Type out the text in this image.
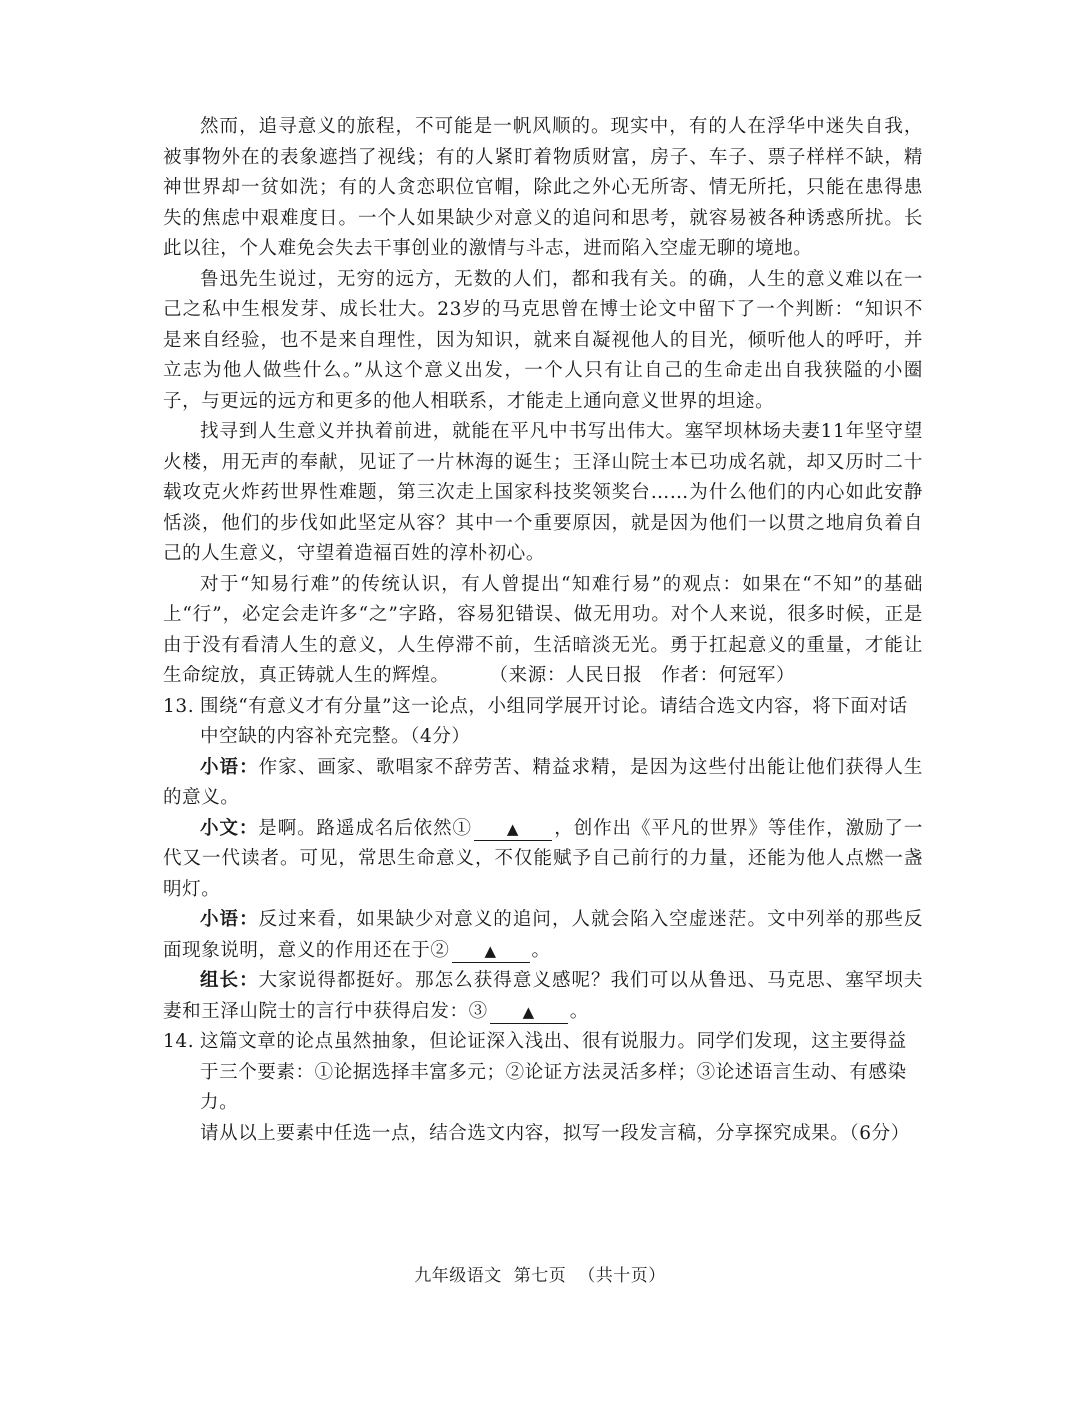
然而，追寻意义的旅程，不可能是一帆风顺的。现实中，有的人在浮华中迷失自我，被事物外在的表象遮挡了视线；有的人紧盯着物质财富，房子、车子、票子样样不缺，精神世界却一贫如洗；有的人贪恋职位官帽，除此之外心无所寄、情无所托，只能在患得患失的焦虑中艰难度日。一个人如果缺少对意义的追问和思考，就容易被各种诱惑所扰。长此以往，个人难免会失去干事创业的激情与斗志，进而陷入空虚无聊的境地。

鲁迅先生说过，无穷的远方，无数的人们，都和我有关。的确，人生的意义难以在一己之私中生根发芽、成长壮大。23岁的马克思曾在博士论文中留下了一个判断：“知识不是来自经验，也不是来自理性，因为知识，就来自凝视他人的目光，倾听他人的呼吁，并立志为他人做些什么。”从这个意义出发，一个人只有让自己的生命走出自我狭隘的小圈子，与更远的远方和更多的他人相联系，才能走上通向意义世界的坦途。

找寻到人生意义并执着前进，就能在平凡中书写出伟大。塞罕坝林场夫妻11年坚守望火楼，用无声的奉献，见证了一片林海的诞生；王泽山院士本已功成名就，却又历时二十载攻克火炸药世界性难题，第三次走上国家科技奖领奖台……为什么他们的内心如此安静恬淡，他们的步伐如此坚定从容？其中一个重要原因，就是因为他们一以贯之地肩负着自己的人生意义，守望着造福百姓的淳朴初心。

对于“知易行难”的传统认识，有人曾提出“知难行易”的观点：如果在“不知”的基础上“行”，必定会走许多“之”字路，容易犯错误、做无用功。对个人来说，很多时候，正是由于没有看清人生的意义，人生停滞不前，生活暗淡无光。勇于扛起意义的重量，才能让生命绽放，真正铸就人生的辉煌。 （来源：人民日报　作者：何冠军）

13. 围绕“有意义才有分量”这一论点，小组同学展开讨论。请结合选文内容，将下面对话中空缺的内容补充完整。（4分）

小语：作家、画家、歌唱家不辞劳苦、精益求精，是因为这些付出能让他们获得人生的意义。

小文：是啊。路遥成名后依然① ▲ ，创作出《平凡的世界》等佳作，激励了一代又一代读者。可见，常思生命意义，不仅能赋予自己前行的力量，还能为他人点燃一盏明灯。

小语：反过来看，如果缺少对意义的追问，人就会陷入空虚迷茫。文中列举的那些反面现象说明，意义的作用还在于② ▲ 。

组长：大家说得都挺好。那怎么获得意义感呢？我们可以从鲁迅、马克思、塞罕坝夫妻和王泽山院士的言行中获得启发：③ ▲ 。

14. 这篇文章的论点虽然抽象，但论证深入浅出、很有说服力。同学们发现，这主要得益于三个要素：①论据选择丰富多元；②论证方法灵活多样；③论述语言生动、有感染力。

请从以上要素中任选一点，结合选文内容，拟写一段发言稿，分享探究成果。（6分）

九年级语文 第七页 （共十页）
